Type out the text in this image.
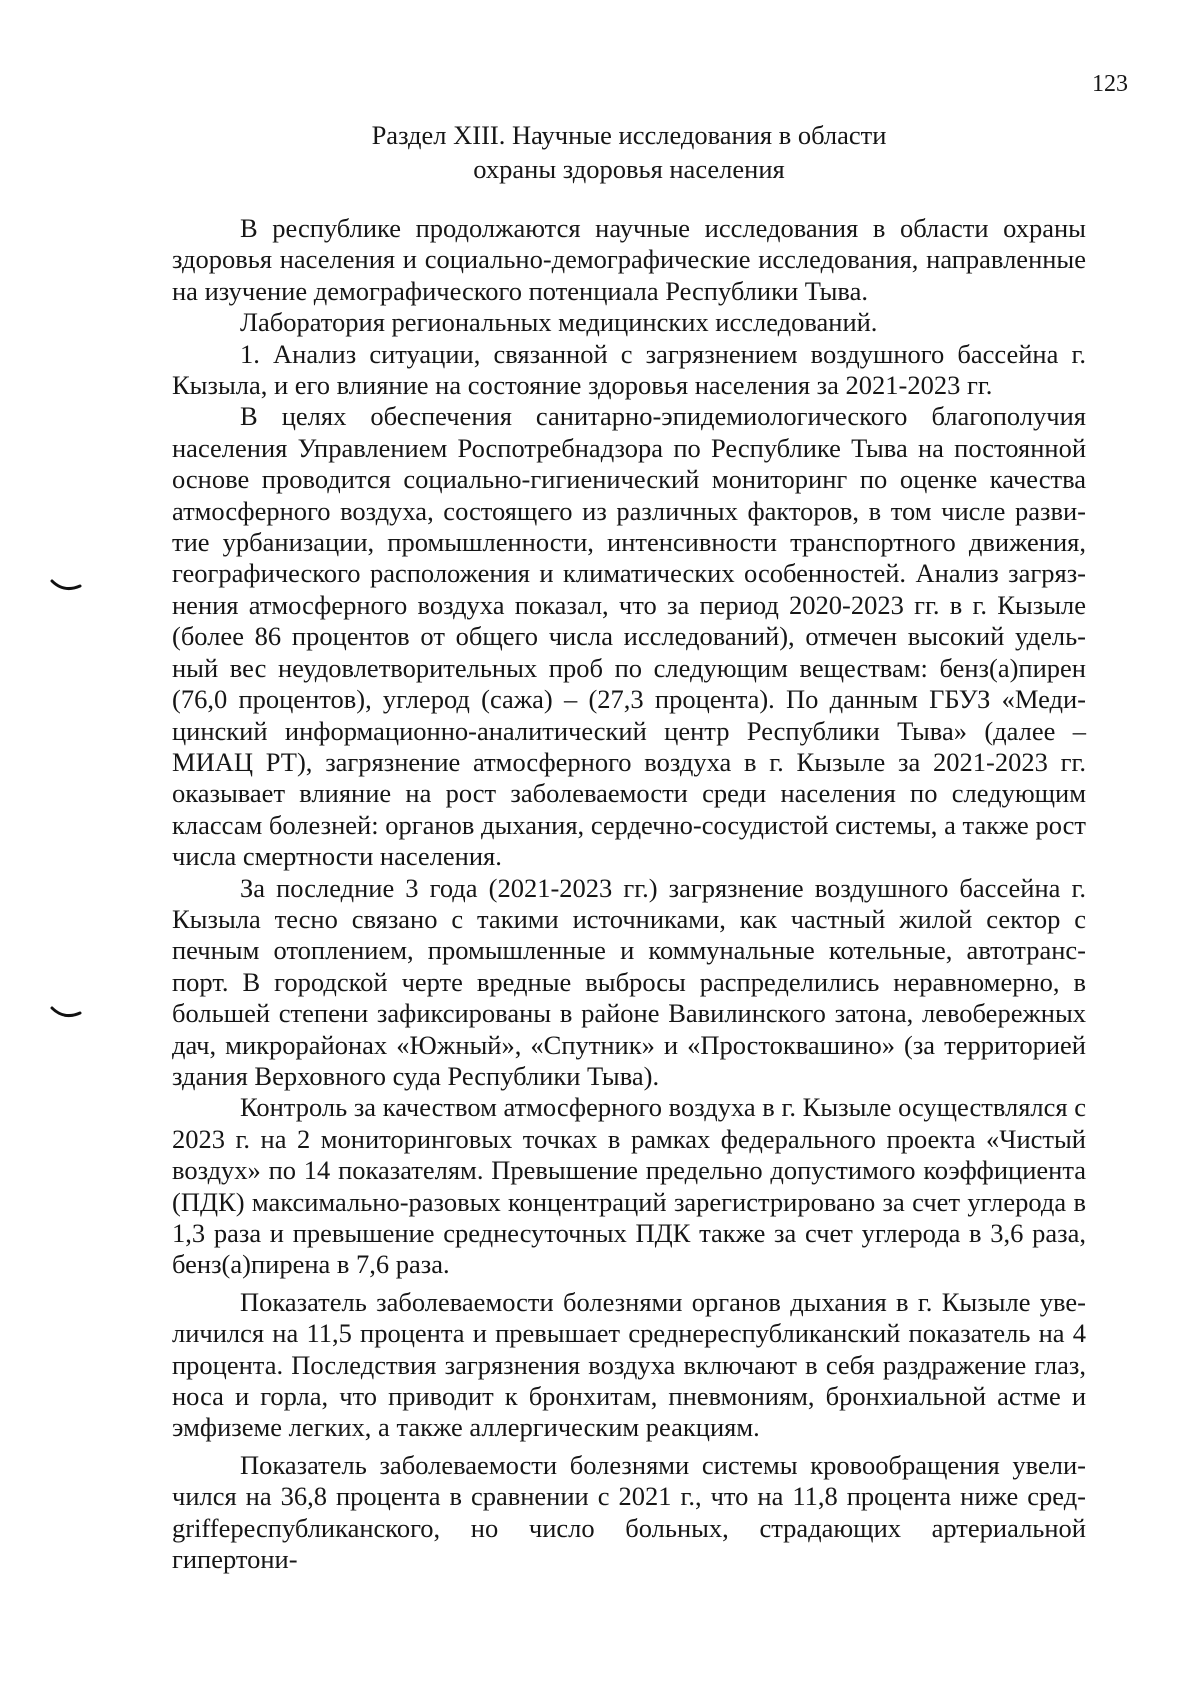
123
Раздел XIII. Научные исследования в области
охраны здоровья населения

В республике продолжаются научные исследования в области охраны здоровья населения и социально-демографические исследования, направленные на изучение демографического потенциала Республики Тыва.

Лаборатория региональных медицинских исследований.

1. Анализ ситуации, связанной с загрязнением воздушного бассейна г. Кызыла, и его влияние на состояние здоровья населения за 2021-2023 гг.

В целях обеспечения санитарно-эпидемиологического благополучия населения Управлением Роспотребнадзора по Республике Тыва на постоянной основе проводится социально-гигиенический мониторинг по оценке качества атмосферного воздуха, состоящего из различных факторов, в том числе развитие урбанизации, промышленности, интенсивности транспортного движения, географического расположения и климатических особенностей. Анализ загрязнения атмосферного воздуха показал, что за период 2020-2023 гг. в г. Кызыле (более 86 процентов от общего числа исследований), отмечен высокий удельный вес неудовлетворительных проб по следующим веществам: бенз(а)пирен (76,0 процентов), углерод (сажа) – (27,3 процента). По данным ГБУЗ «Медицинский информационно-аналитический центр Республики Тыва» (далее – МИАЦ РТ), загрязнение атмосферного воздуха в г. Кызыле за 2021-2023 гг. оказывает влияние на рост заболеваемости среди населения по следующим классам болезней: органов дыхания, сердечно-сосудистой системы, а также рост числа смертности населения.

За последние 3 года (2021-2023 гг.) загрязнение воздушного бассейна г. Кызыла тесно связано с такими источниками, как частный жилой сектор с печным отоплением, промышленные и коммунальные котельные, автотранспорт. В городской черте вредные выбросы распределились неравномерно, в большей степени зафиксированы в районе Вавилинского затона, левобережных дач, микрорайонах «Южный», «Спутник» и «Простоквашино» (за территорией здания Верховного суда Республики Тыва).

Контроль за качеством атмосферного воздуха в г. Кызыле осуществлялся с 2023 г. на 2 мониторинговых точках в рамках федерального проекта «Чистый воздух» по 14 показателям. Превышение предельно допустимого коэффициента (ПДК) максимально-разовых концентраций зарегистрировано за счет углерода в 1,3 раза и превышение среднесуточных ПДК также за счет углерода в 3,6 раза, бенз(а)пирена в 7,6 раза.

Показатель заболеваемости болезнями органов дыхания в г. Кызыле увеличился на 11,5 процента и превышает среднереспубликанский показатель на 4 процента. Последствия загрязнения воздуха включают в себя раздражение глаз, носа и горла, что приводит к бронхитам, пневмониям, бронхиальной астме и эмфиземе легких, а также аллергическим реакциям.

Показатель заболеваемости болезнями системы кровообращения увеличился на 36,8 процента в сравнении с 2021 г., что на 11,8 процента ниже средgriffереспубликанского, но число больных, страдающих артериальной гипертони-
